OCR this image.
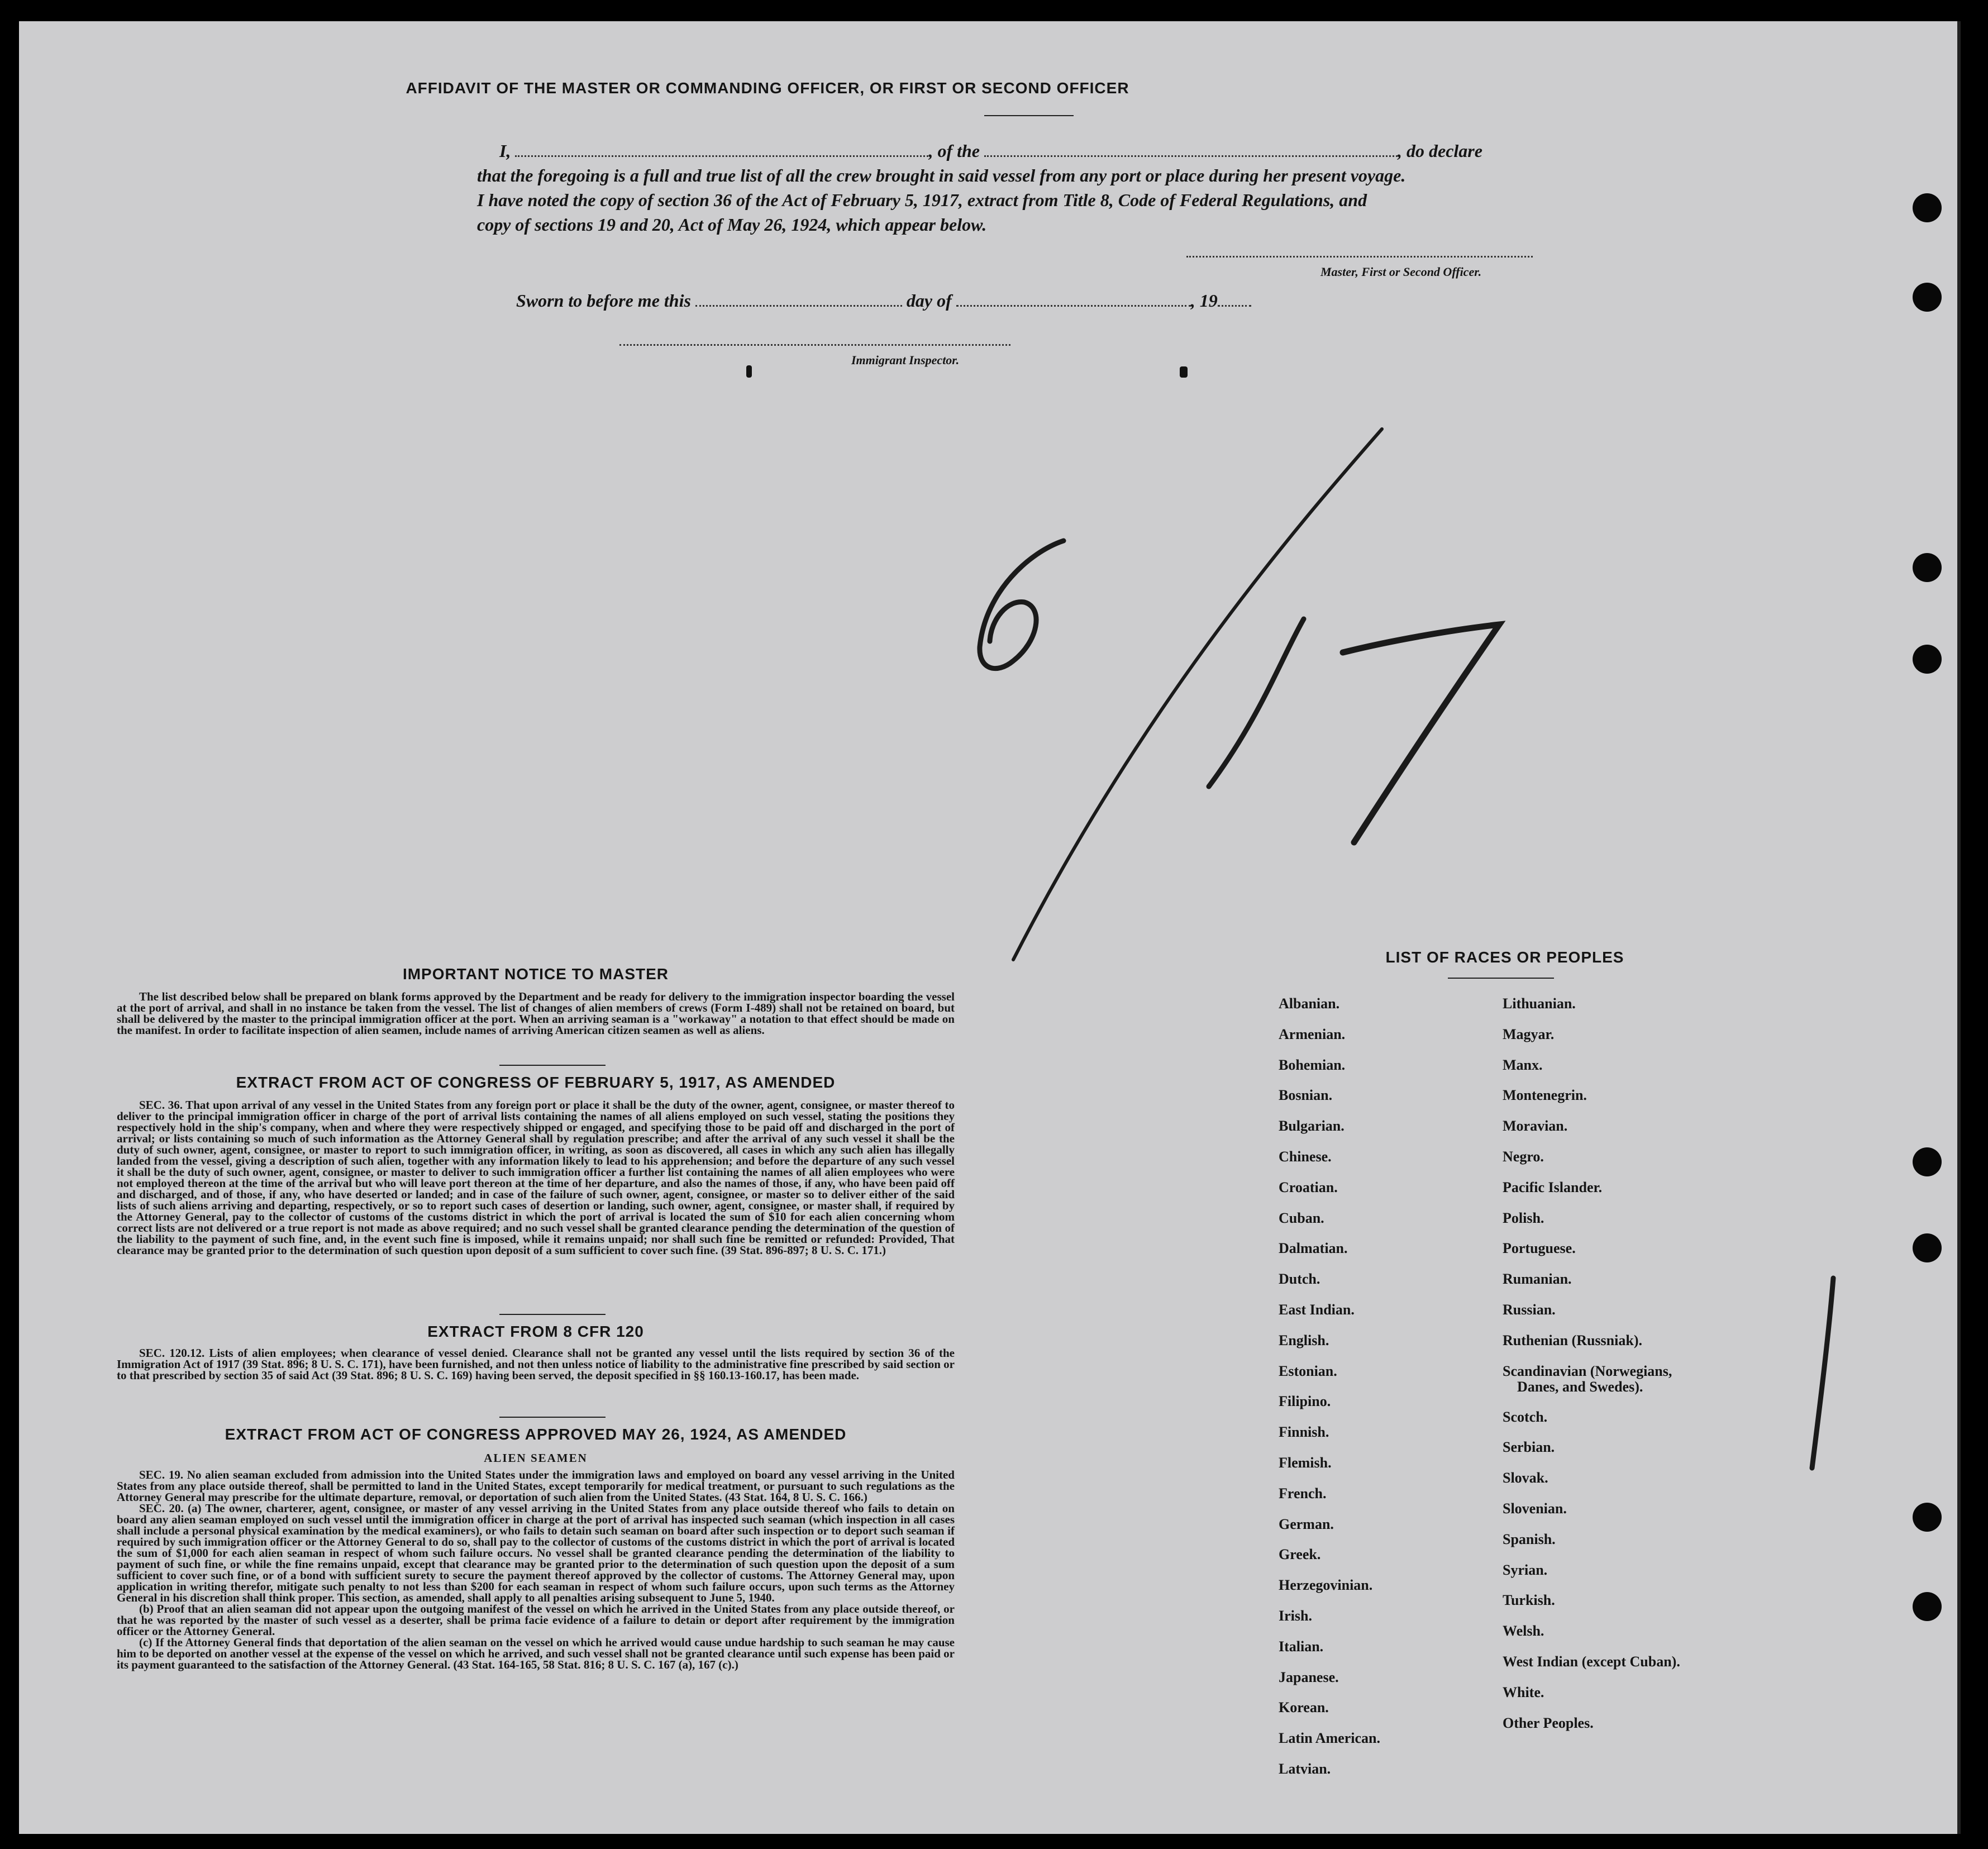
AFFIDAVIT OF THE MASTER OR COMMANDING OFFICER, OR FIRST OR SECOND OFFICER
I,	, of the	, do declare
that the foregoing is a full and true list of all the crew brought in said vessel from any port or place during her present voyage.
I have noted the copy of section 36 of the Act of February 5, 1917, extract from Title 8, Code of Federal Regulations, and
copy of sections 19 and 20, Act of May 26, 1924, which appear below.
Master, First or Second Officer.
Sworn to before me this	day of	, 19
Immigrant Inspector.
IMPORTANT NOTICE TO MASTER

The list described below shall be prepared on blank forms approved by the Department and be ready for delivery to the immigration inspector boarding the vessel at the port of arrival, and shall in no instance be taken from the vessel. The list of changes of alien members of crews (Form I-489) shall not be retained on board, but shall be delivered by the master to the principal immigration officer at the port. When an arriving seaman is a "workaway" a notation to that effect should be made on the manifest. In order to facilitate inspection of alien seamen, include names of arriving American citizen seamen as well as aliens.

EXTRACT FROM ACT OF CONGRESS OF FEBRUARY 5, 1917, AS AMENDED

SEC. 36. That upon arrival of any vessel in the United States from any foreign port or place it shall be the duty of the owner, agent, consignee, or master thereof to deliver to the principal immigration officer in charge of the port of arrival lists containing the names of all aliens employed on such vessel, stating the positions they respectively hold in the ship's company, when and where they were respectively shipped or engaged, and specifying those to be paid off and discharged in the port of arrival; or lists containing so much of such information as the Attorney General shall by regulation prescribe; and after the arrival of any such vessel it shall be the duty of such owner, agent, consignee, or master to report to such immigration officer, in writing, as soon as discovered, all cases in which any such alien has illegally landed from the vessel, giving a description of such alien, together with any information likely to lead to his apprehension; and before the departure of any such vessel it shall be the duty of such owner, agent, consignee, or master to deliver to such immigration officer a further list containing the names of all alien employees who were not employed thereon at the time of the arrival but who will leave port thereon at the time of her departure, and also the names of those, if any, who have been paid off and discharged, and of those, if any, who have deserted or landed; and in case of the failure of such owner, agent, consignee, or master so to deliver either of the said lists of such aliens arriving and departing, respectively, or so to report such cases of desertion or landing, such owner, agent, consignee, or master shall, if required by the Attorney General, pay to the collector of customs of the customs district in which the port of arrival is located the sum of $10 for each alien concerning whom correct lists are not delivered or a true report is not made as above required; and no such vessel shall be granted clearance pending the determination of the question of the liability to the payment of such fine, and, in the event such fine is imposed, while it remains unpaid; nor shall such fine be remitted or refunded: Provided, That clearance may be granted prior to the determination of such question upon deposit of a sum sufficient to cover such fine. (39 Stat. 896-897; 8 U. S. C. 171.)

EXTRACT FROM 8 CFR 120

SEC. 120.12. Lists of alien employees; when clearance of vessel denied. Clearance shall not be granted any vessel until the lists required by section 36 of the Immigration Act of 1917 (39 Stat. 896; 8 U. S. C. 171), have been furnished, and not then unless notice of liability to the administrative fine prescribed by said section or to that prescribed by section 35 of said Act (39 Stat. 896; 8 U. S. C. 169) having been served, the deposit specified in §§ 160.13-160.17, has been made.

EXTRACT FROM ACT OF CONGRESS APPROVED MAY 26, 1924, AS AMENDED
ALIEN SEAMEN

SEC. 19. No alien seaman excluded from admission into the United States under the immigration laws and employed on board any vessel arriving in the United States from any place outside thereof, shall be permitted to land in the United States, except temporarily for medical treatment, or pursuant to such regulations as the Attorney General may prescribe for the ultimate departure, removal, or deportation of such alien from the United States. (43 Stat. 164, 8 U. S. C. 166.)

SEC. 20. (a) The owner, charterer, agent, consignee, or master of any vessel arriving in the United States from any place outside thereof who fails to detain on board any alien seaman employed on such vessel until the immigration officer in charge at the port of arrival has inspected such seaman (which inspection in all cases shall include a personal physical examination by the medical examiners), or who fails to detain such seaman on board after such inspection or to deport such seaman if required by such immigration officer or the Attorney General to do so, shall pay to the collector of customs of the customs district in which the port of arrival is located the sum of $1,000 for each alien seaman in respect of whom such failure occurs. No vessel shall be granted clearance pending the determination of the liability to payment of such fine, or while the fine remains unpaid, except that clearance may be granted prior to the determination of such question upon the deposit of a sum sufficient to cover such fine, or of a bond with sufficient surety to secure the payment thereof approved by the collector of customs. The Attorney General may, upon application in writing therefor, mitigate such penalty to not less than $200 for each seaman in respect of whom such failure occurs, upon such terms as the Attorney General in his discretion shall think proper. This section, as amended, shall apply to all penalties arising subsequent to June 5, 1940.

(b) Proof that an alien seaman did not appear upon the outgoing manifest of the vessel on which he arrived in the United States from any place outside thereof, or that he was reported by the master of such vessel as a deserter, shall be prima facie evidence of a failure to detain or deport after requirement by the immigration officer or the Attorney General.

(c) If the Attorney General finds that deportation of the alien seaman on the vessel on which he arrived would cause undue hardship to such seaman he may cause him to be deported on another vessel at the expense of the vessel on which he arrived, and such vessel shall not be granted clearance until such expense has been paid or its payment guaranteed to the satisfaction of the Attorney General. (43 Stat. 164-165, 58 Stat. 816; 8 U. S. C. 167 (a), 167 (c).)

LIST OF RACES OR PEOPLES
Albanian.
Armenian.
Bohemian.
Bosnian.
Bulgarian.
Chinese.
Croatian.
Cuban.
Dalmatian.
Dutch.
East Indian.
English.
Estonian.
Filipino.
Finnish.
Flemish.
French.
German.
Greek.
Herzegovinian.
Irish.
Italian.
Japanese.
Korean.
Latin American.
Latvian.
Lithuanian.
Magyar.
Manx.
Montenegrin.
Moravian.
Negro.
Pacific Islander.
Polish.
Portuguese.
Rumanian.
Russian.
Ruthenian (Russniak).
Scandinavian (Norwegians,
Danes, and Swedes).
Scotch.
Serbian.
Slovak.
Slovenian.
Spanish.
Syrian.
Turkish.
Welsh.
West Indian (except Cuban).
White.
Other Peoples.
